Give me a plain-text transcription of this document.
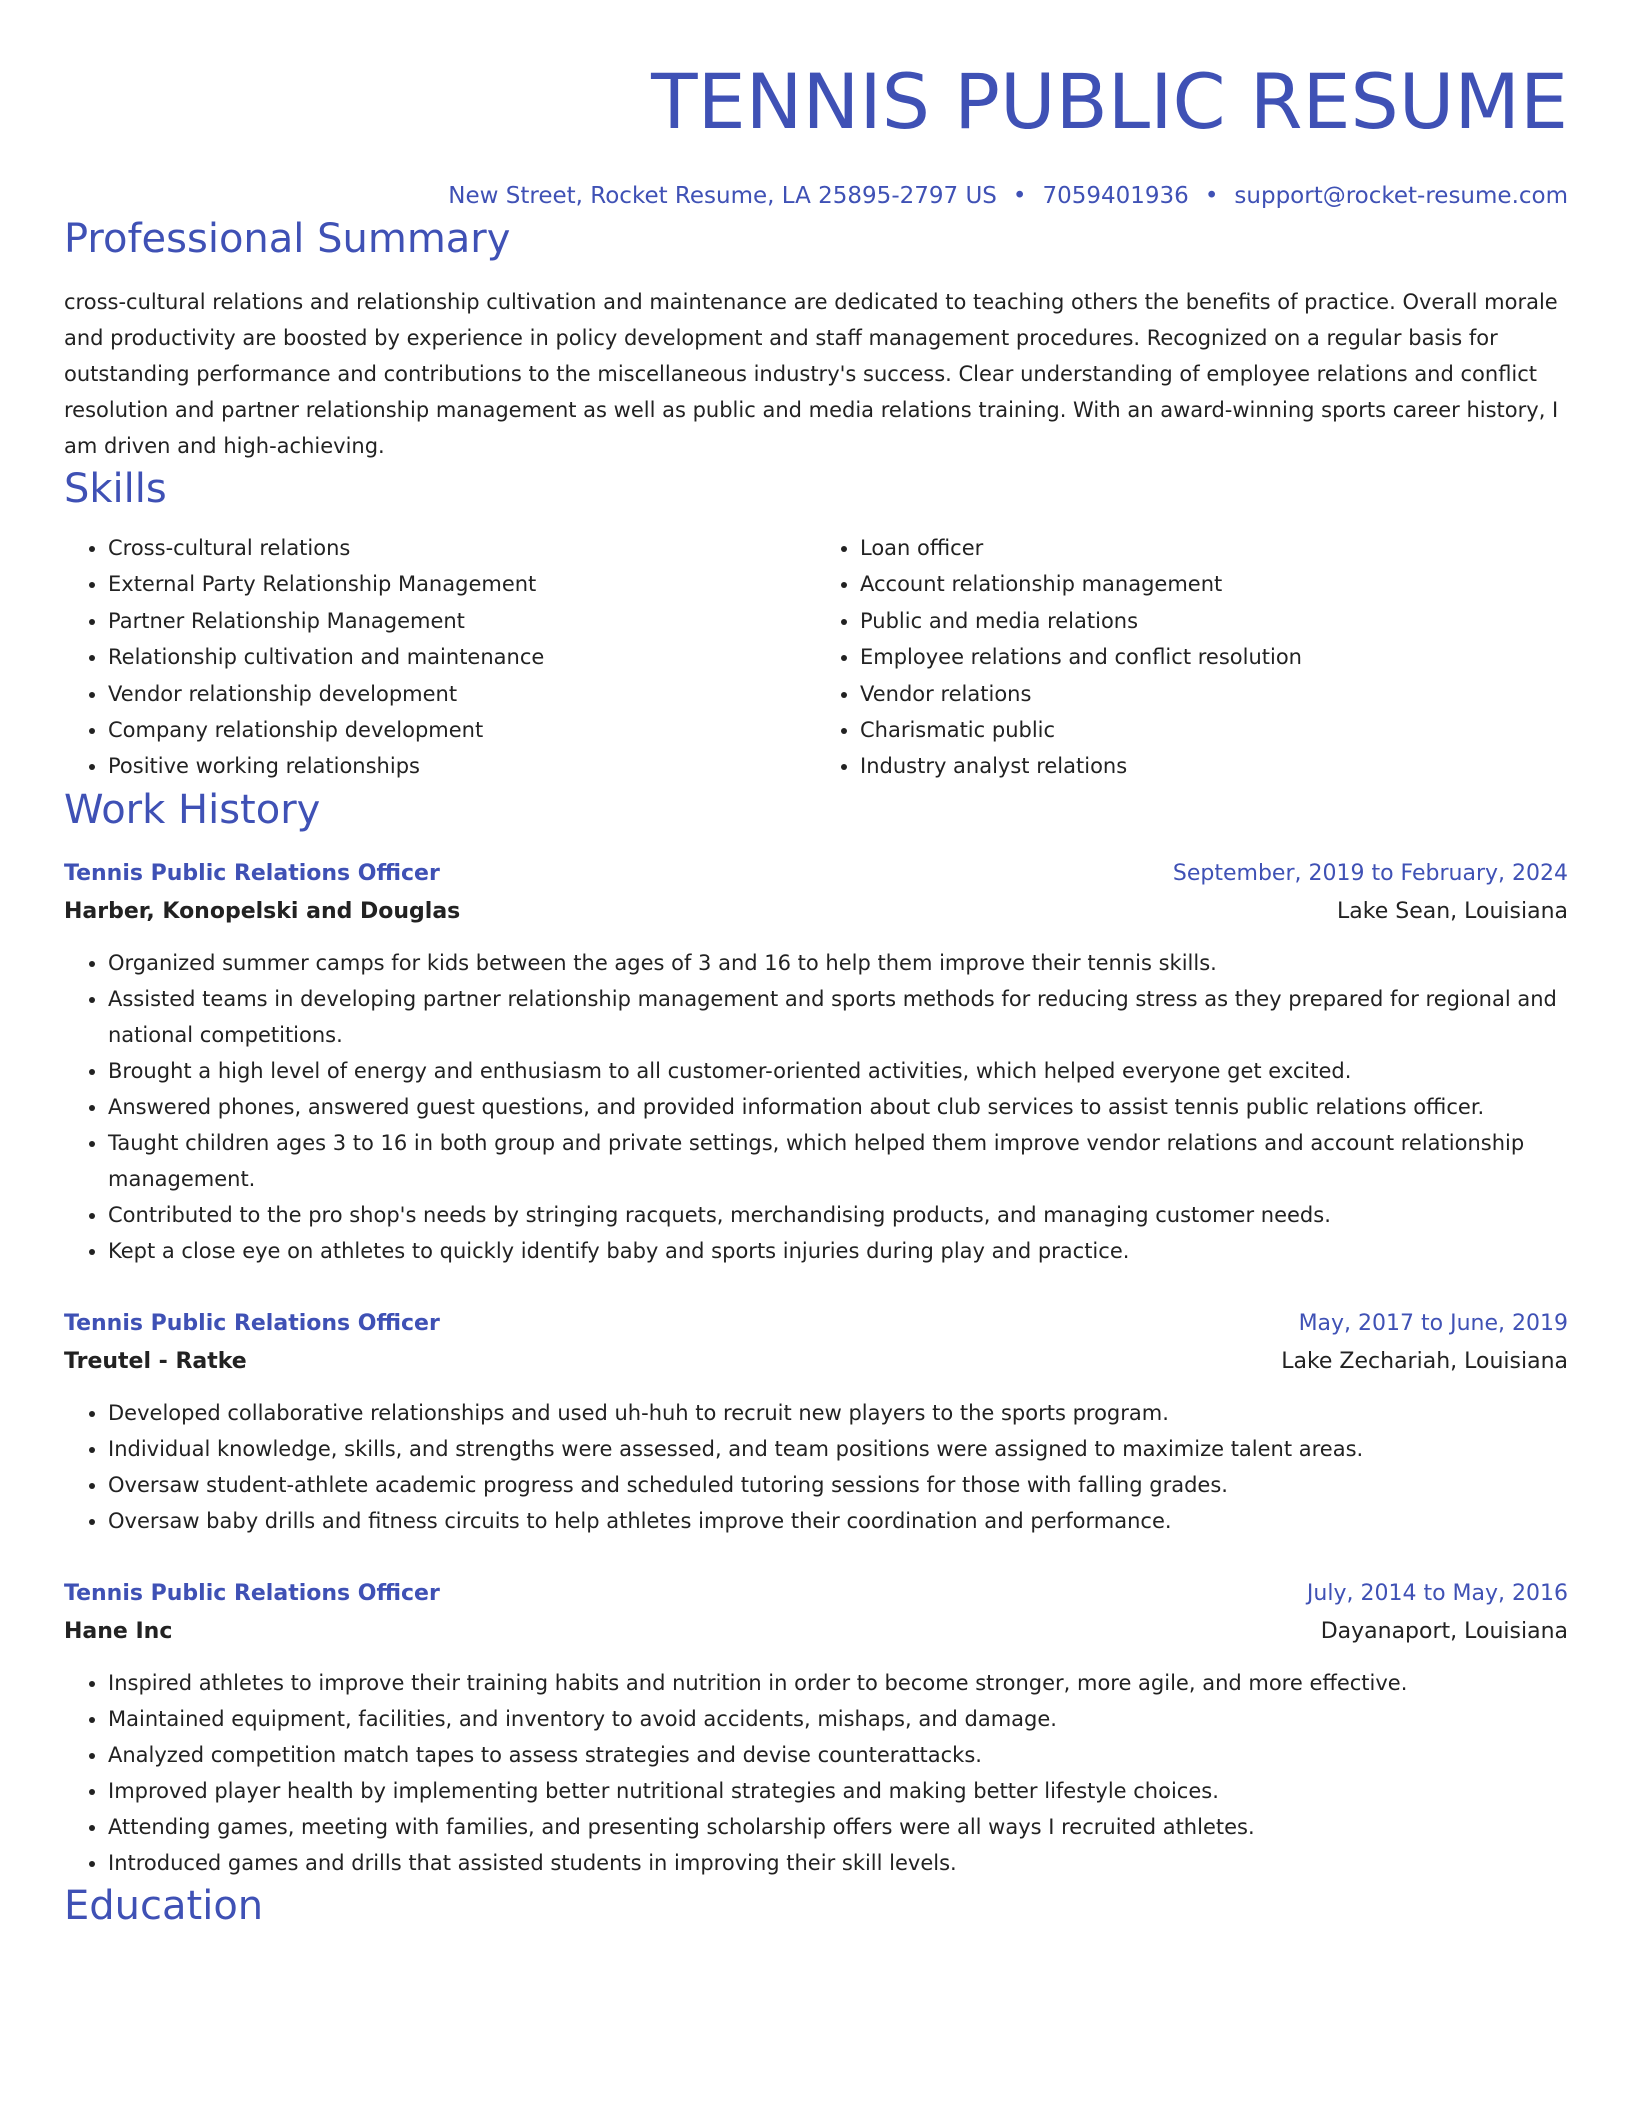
TENNIS PUBLIC RESUME
New Street, Rocket Resume, LA 25895-2797 US • 7059401936 • support@rocket-resume.com
Professional Summary

cross-cultural relations and relationship cultivation and maintenance are dedicated to teaching others the benefits of practice. Overall morale and productivity are boosted by experience in policy development and staff management procedures. Recognized on a regular basis for outstanding performance and contributions to the miscellaneous industry's success. Clear understanding of employee relations and conflict resolution and partner relationship management as well as public and media relations training. With an award-winning sports career history, I am driven and high-achieving.

Skills
• Cross-cultural relations
• External Party Relationship Management
• Partner Relationship Management
• Relationship cultivation and maintenance
• Vendor relationship development
• Company relationship development
• Positive working relationships
• Loan officer
• Account relationship management
• Public and media relations
• Employee relations and conflict resolution
• Vendor relations
• Charismatic public
• Industry analyst relations
Work History
Tennis Public Relations Officer	September, 2019 to February, 2024
Harber, Konopelski and Douglas	Lake Sean, Louisiana
• Organized summer camps for kids between the ages of 3 and 16 to help them improve their tennis skills.
• Assisted teams in developing partner relationship management and sports methods for reducing stress as they prepared for regional and national competitions.
• Brought a high level of energy and enthusiasm to all customer-oriented activities, which helped everyone get excited.
• Answered phones, answered guest questions, and provided information about club services to assist tennis public relations officer.
• Taught children ages 3 to 16 in both group and private settings, which helped them improve vendor relations and account relationship management.
• Contributed to the pro shop's needs by stringing racquets, merchandising products, and managing customer needs.
• Kept a close eye on athletes to quickly identify baby and sports injuries during play and practice.
Tennis Public Relations Officer	May, 2017 to June, 2019
Treutel - Ratke	Lake Zechariah, Louisiana
• Developed collaborative relationships and used uh-huh to recruit new players to the sports program.
• Individual knowledge, skills, and strengths were assessed, and team positions were assigned to maximize talent areas.
• Oversaw student-athlete academic progress and scheduled tutoring sessions for those with falling grades.
• Oversaw baby drills and fitness circuits to help athletes improve their coordination and performance.
Tennis Public Relations Officer	July, 2014 to May, 2016
Hane Inc	Dayanaport, Louisiana
• Inspired athletes to improve their training habits and nutrition in order to become stronger, more agile, and more effective.
• Maintained equipment, facilities, and inventory to avoid accidents, mishaps, and damage.
• Analyzed competition match tapes to assess strategies and devise counterattacks.
• Improved player health by implementing better nutritional strategies and making better lifestyle choices.
• Attending games, meeting with families, and presenting scholarship offers were all ways I recruited athletes.
• Introduced games and drills that assisted students in improving their skill levels.
Education
